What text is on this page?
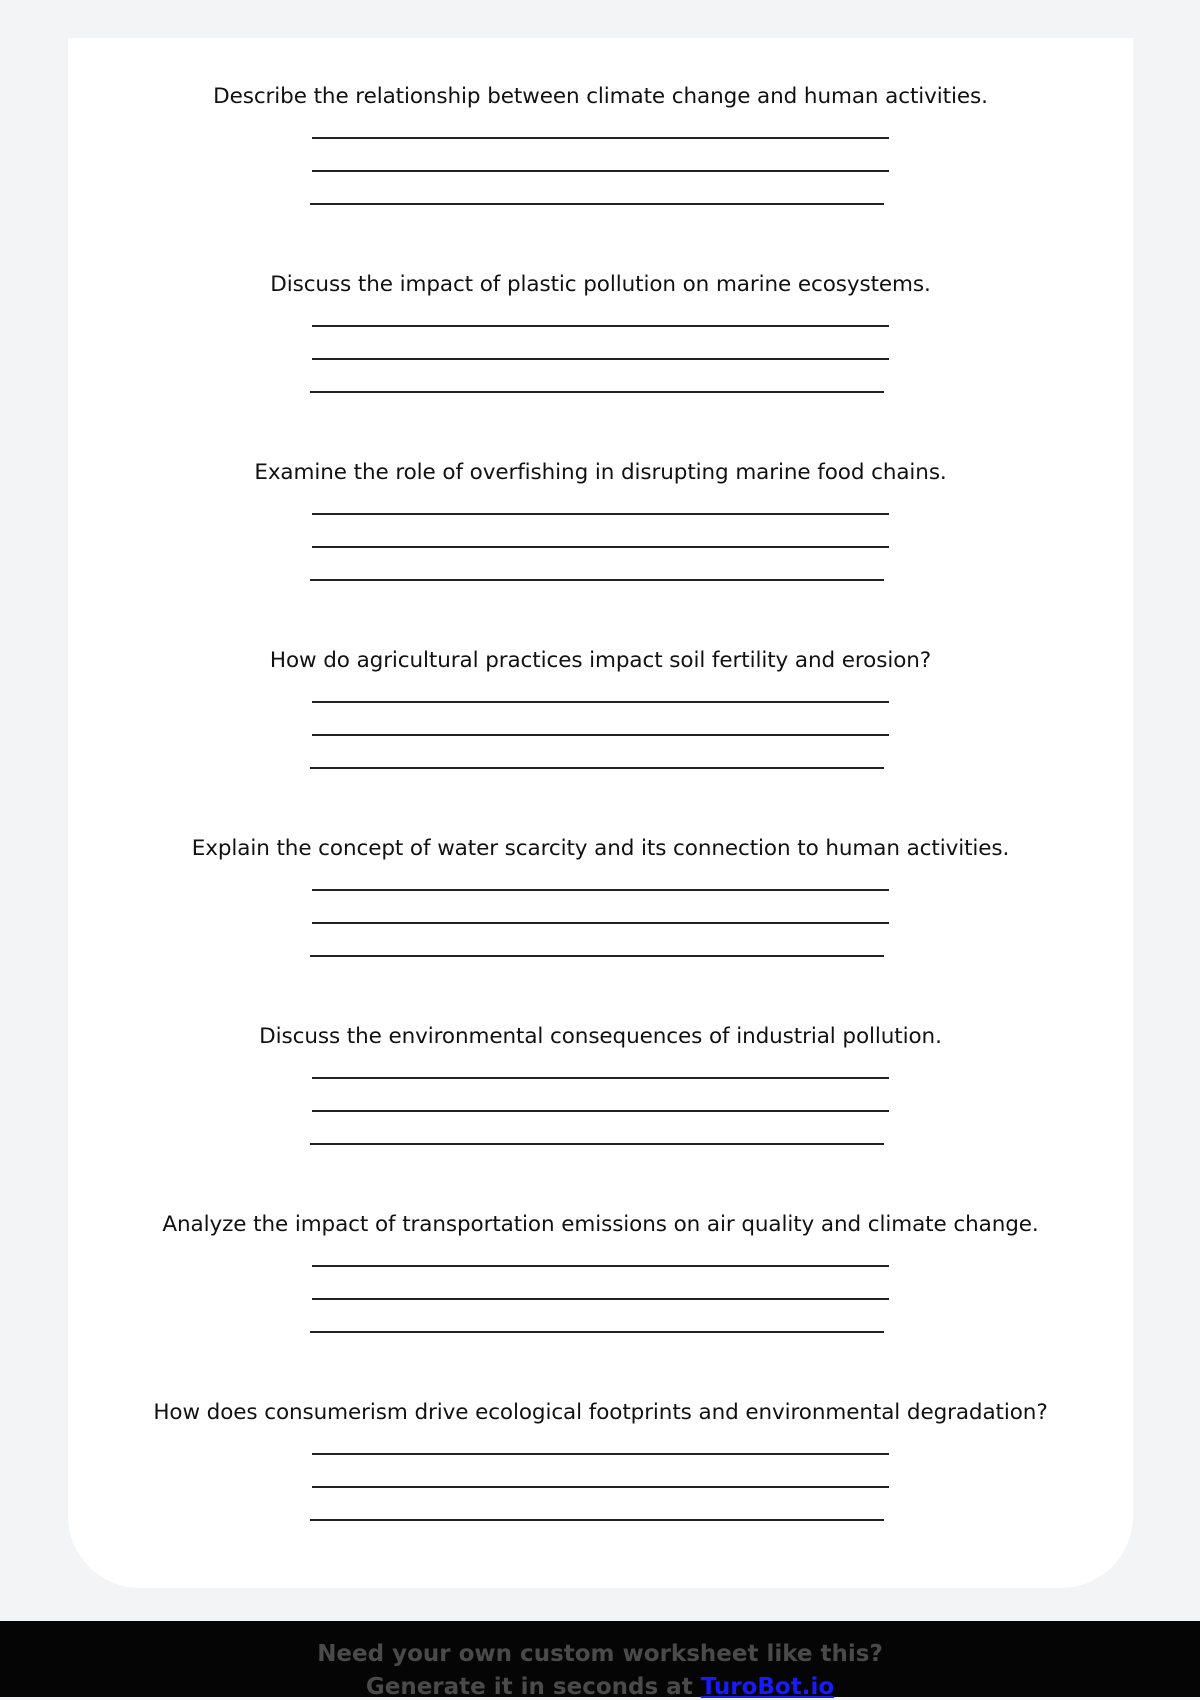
Describe the relationship between climate change and human activities.
Discuss the impact of plastic pollution on marine ecosystems.
Examine the role of overfishing in disrupting marine food chains.
How do agricultural practices impact soil fertility and erosion?
Explain the concept of water scarcity and its connection to human activities.
Discuss the environmental consequences of industrial pollution.
Analyze the impact of transportation emissions on air quality and climate change.
How does consumerism drive ecological footprints and environmental degradation?
Need your own custom worksheet like this?
Generate it in seconds at TuroBot.io
